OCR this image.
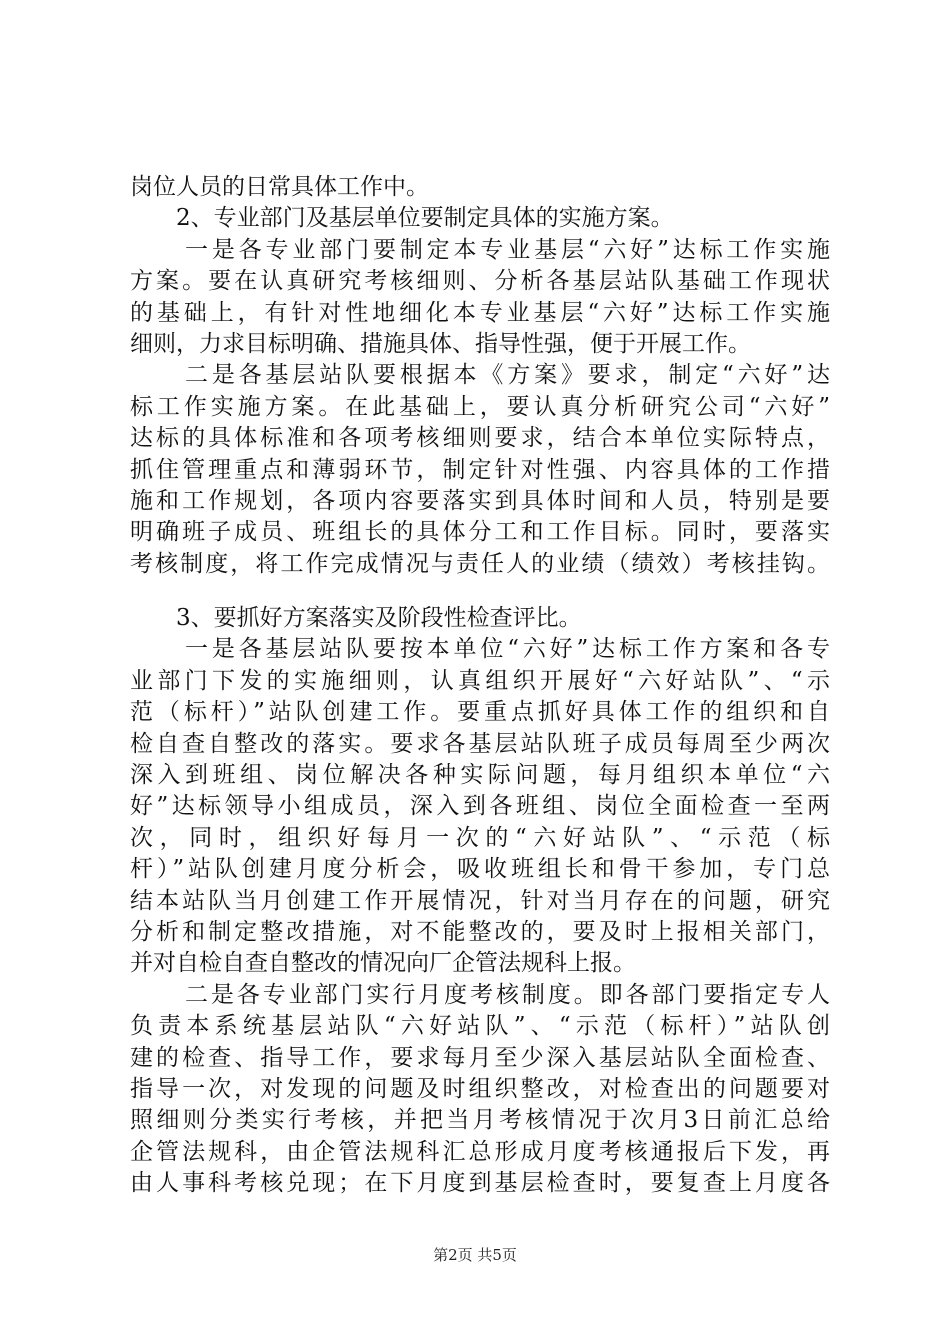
岗位人员的日常具体工作中。
2、专业部门及基层单位要制定具体的实施方案。
一是各专业部门要制定本专业基层“六好”达标工作实施
方案。要在认真研究考核细则、分析各基层站队基础工作现状
的基础上，有针对性地细化本专业基层“六好”达标工作实施
细则，力求目标明确、措施具体、指导性强，便于开展工作。
二是各基层站队要根据本《方案》要求，制定“六好”达
标工作实施方案。在此基础上，要认真分析研究公司“六好”
达标的具体标准和各项考核细则要求，结合本单位实际特点，
抓住管理重点和薄弱环节，制定针对性强、内容具体的工作措
施和工作规划，各项内容要落实到具体时间和人员，特别是要
明确班子成员、班组长的具体分工和工作目标。同时，要落实
考核制度，将工作完成情况与责任人的业绩（绩效）考核挂钩。
3、要抓好方案落实及阶段性检查评比。
一是各基层站队要按本单位“六好”达标工作方案和各专
业部门下发的实施细则，认真组织开展好“六好站队”、“示
范（标杆）”站队创建工作。要重点抓好具体工作的组织和自
检自查自整改的落实。要求各基层站队班子成员每周至少两次
深入到班组、岗位解决各种实际问题，每月组织本单位“六
好”达标领导小组成员，深入到各班组、岗位全面检查一至两
次，同时，组织好每月一次的“六好站队”、“示范（标
杆）”站队创建月度分析会，吸收班组长和骨干参加，专门总
结本站队当月创建工作开展情况，针对当月存在的问题，研究
分析和制定整改措施，对不能整改的，要及时上报相关部门，
并对自检自查自整改的情况向厂企管法规科上报。
二是各专业部门实行月度考核制度。即各部门要指定专人
负责本系统基层站队“六好站队”、“示范（标杆）”站队创
建的检查、指导工作，要求每月至少深入基层站队全面检查、
指导一次，对发现的问题及时组织整改，对检查出的问题要对
照细则分类实行考核，并把当月考核情况于次月3日前汇总给
企管法规科，由企管法规科汇总形成月度考核通报后下发，再
由人事科考核兑现；在下月度到基层检查时，要复查上月度各
第2页 共5页
